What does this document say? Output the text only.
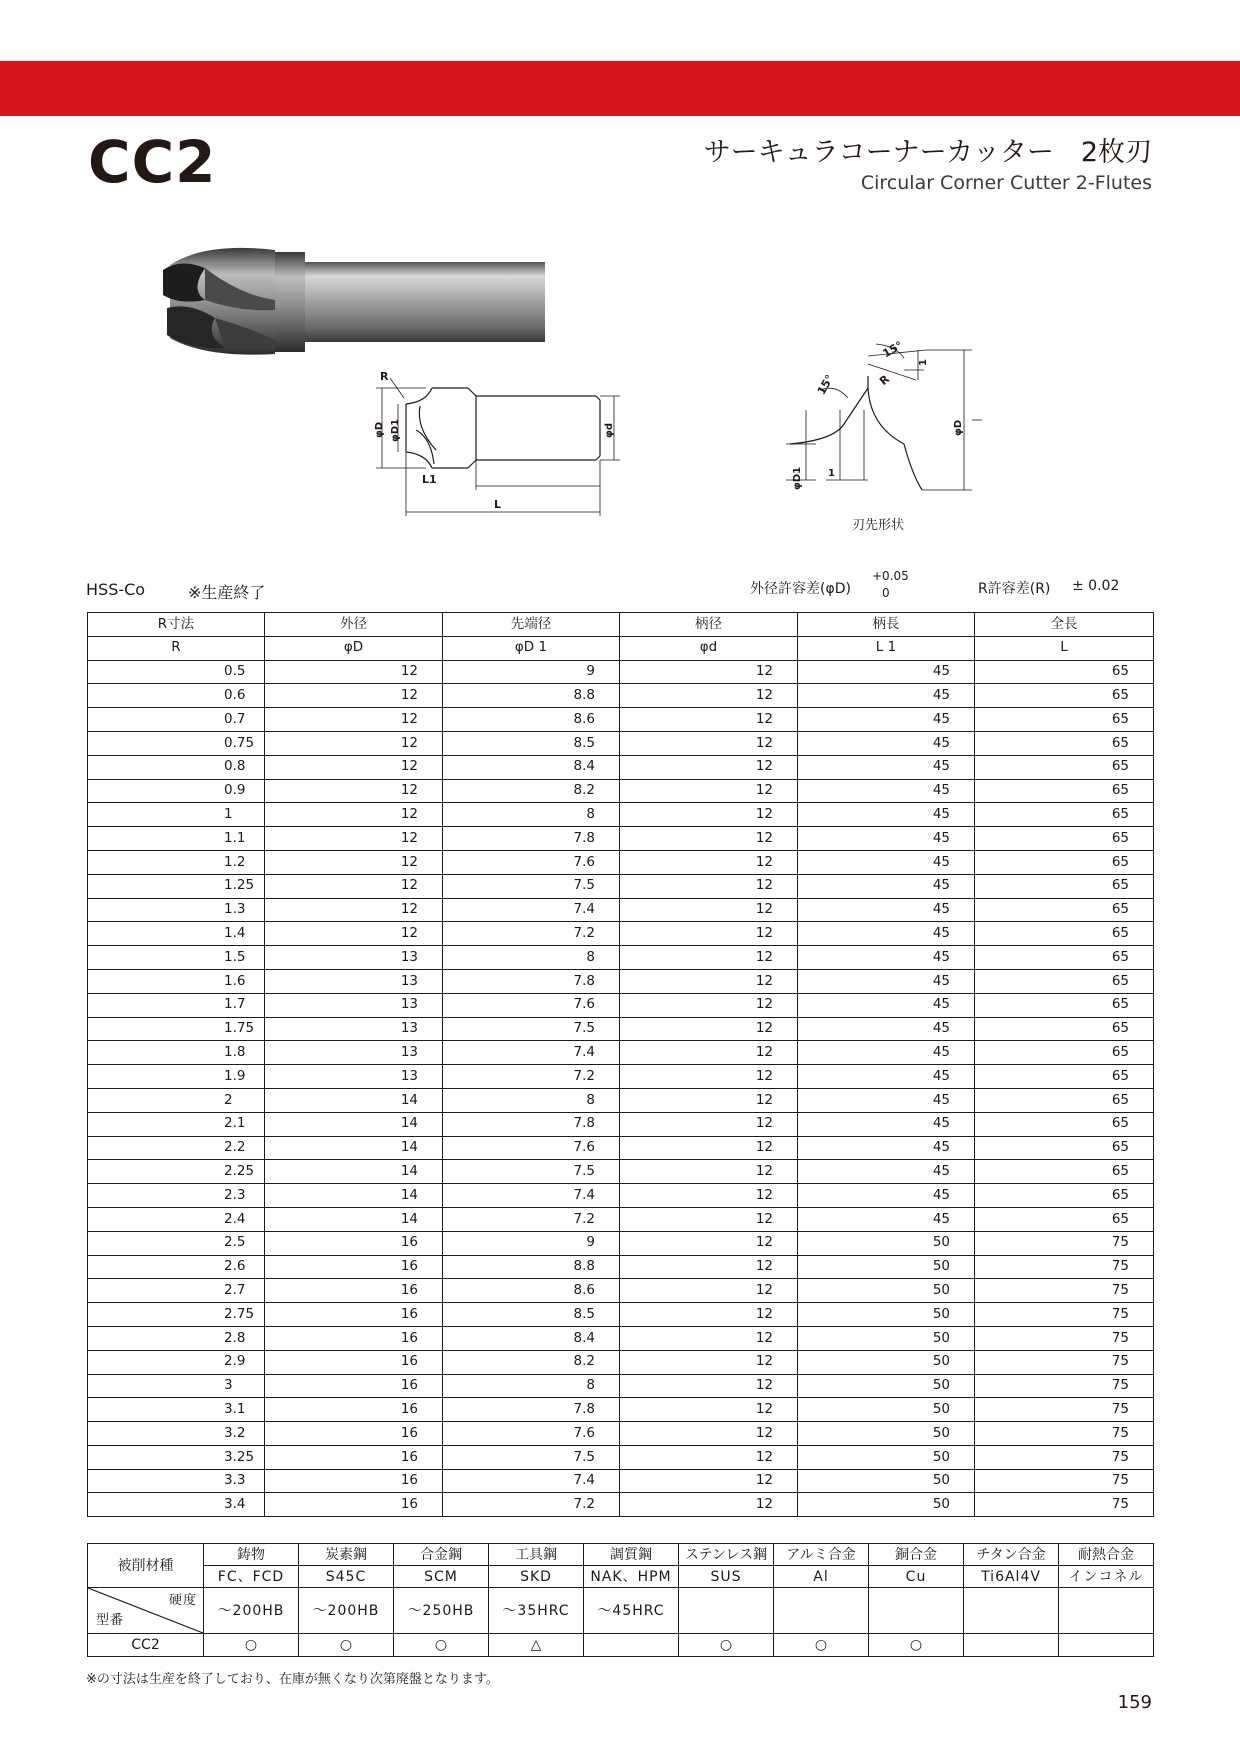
CC2	サーキュラコーナーカッター　2枚刃
Circular Corner Cutter 2-Flutes
L1
L
R
φD φD1	φd
15°
15°	R
1
1
φD
φD1
刃先形状
HSS-Co	※生産終了	外径許容差(φD)
+0.05
0	R許容差(R) ± 0.02
R寸法	外径	先端径	柄径	柄長	全長
R	φD	φD 1	φd	L 1	L
0.5	12	9	12	45	65
0.6	12	8.8	12	45	65
0.7	12	8.6	12	45	65
0.75	12	8.5	12	45	65
0.8	12	8.4	12	45	65
0.9	12	8.2	12	45	65
1	12	8	12	45	65
1.1	12	7.8	12	45	65
1.2	12	7.6	12	45	65
1.25	12	7.5	12	45	65
1.3	12	7.4	12	45	65
1.4	12	7.2	12	45	65
1.5	13	8	12	45	65
1.6	13	7.8	12	45	65
1.7	13	7.6	12	45	65
1.75	13	7.5	12	45	65
1.8	13	7.4	12	45	65
1.9	13	7.2	12	45	65
2	14	8	12	45	65
2.1	14	7.8	12	45	65
2.2	14	7.6	12	45	65
2.25	14	7.5	12	45	65
2.3	14	7.4	12	45	65
2.4	14	7.2	12	45	65
2.5	16	9	12	50	75
2.6	16	8.8	12	50	75
2.7	16	8.6	12	50	75
2.75	16	8.5	12	50	75
2.8	16	8.4	12	50	75
2.9	16	8.2	12	50	75
3	16	8	12	50	75
3.1	16	7.8	12	50	75
3.2	16	7.6	12	50	75
3.25	16	7.5	12	50	75
3.3	16	7.4	12	50	75
3.4	16	7.2	12	50	75
被削材種	鋳物	炭素鋼	合金鋼	工具鋼	調質鋼	ステンレス鋼	アルミ合金	銅合金	チタン合金	耐熱合金
	FC、FCD	S45C	SCM	SKD	NAK、HPM	SUS	Al	Cu	Ti6Al4V	インコネル

硬度
型番	～200HB	～200HB	～250HB	～35HRC	～45HRC					
CC2	○	○	○	△		○	○	○		
※の寸法は生産を終了しており、在庫が無くなり次第廃盤となります。
159
